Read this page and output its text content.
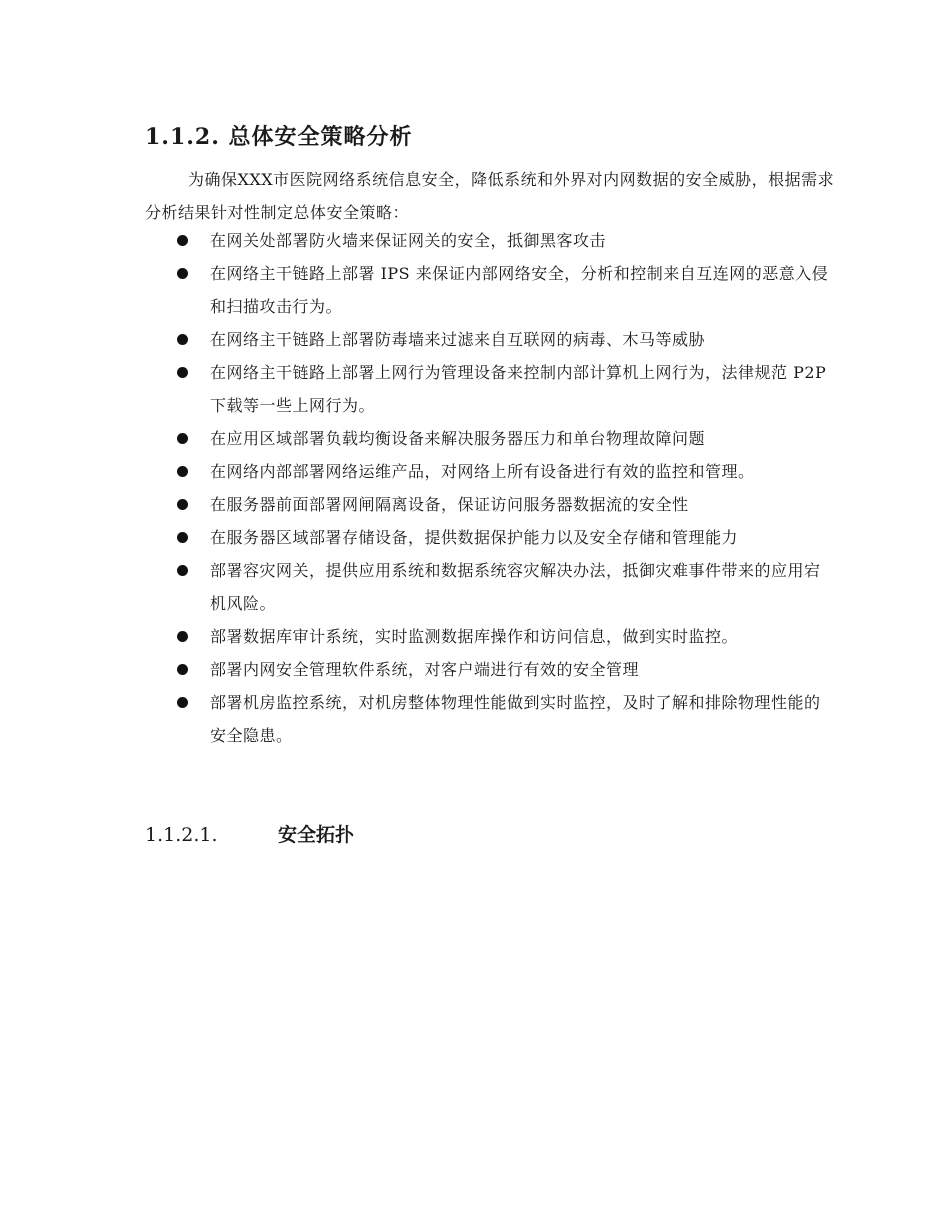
1.1.2. 总体安全策略分析
为确保XXX市医院网络系统信息安全，降低系统和外界对内网数据的安全威胁，根据需求分析结果针对性制定总体安全策略：
在网关处部署防火墙来保证网关的安全，抵御黑客攻击
在网络主干链路上部署 IPS 来保证内部网络安全，分析和控制来自互连网的恶意入侵和扫描攻击行为。
在网络主干链路上部署防毒墙来过滤来自互联网的病毒、木马等威胁
在网络主干链路上部署上网行为管理设备来控制内部计算机上网行为，法律规范 P2P 下载等一些上网行为。
在应用区域部署负载均衡设备来解决服务器压力和单台物理故障问题
在网络内部部署网络运维产品，对网络上所有设备进行有效的监控和管理。
在服务器前面部署网闸隔离设备，保证访问服务器数据流的安全性
在服务器区域部署存储设备，提供数据保护能力以及安全存储和管理能力
部署容灾网关，提供应用系统和数据系统容灾解决办法，抵御灾难事件带来的应用宕机风险。
部署数据库审计系统，实时监测数据库操作和访问信息，做到实时监控。
部署内网安全管理软件系统，对客户端进行有效的安全管理
部署机房监控系统，对机房整体物理性能做到实时监控，及时了解和排除物理性能的安全隐患。
1.1.2.1.	安全拓扑
